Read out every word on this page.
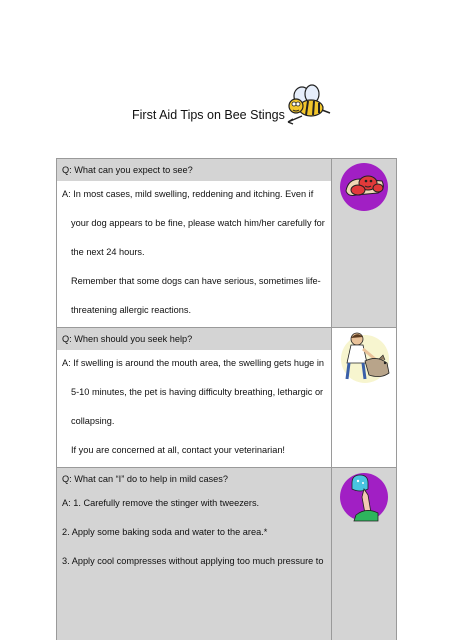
First Aid Tips on Bee Stings
Q: What can you expect to see?
A: In most cases, mild swelling, reddening and itching. Even if
your dog appears to be fine, please watch him/her carefully for
the next 24 hours.
Remember that some dogs can have serious, sometimes life-
threatening allergic reactions.
Q: When should you seek help?
A: If swelling is around the mouth area, the swelling gets huge in
5-10 minutes, the pet is having difficulty breathing, lethargic or
collapsing.
If you are concerned at all, contact your veterinarian!
Q: What can “I” do to help in mild cases?
A: 1. Carefully remove the stinger with tweezers.
2. Apply some baking soda and water to the area.*
3. Apply cool compresses without applying too much pressure to
